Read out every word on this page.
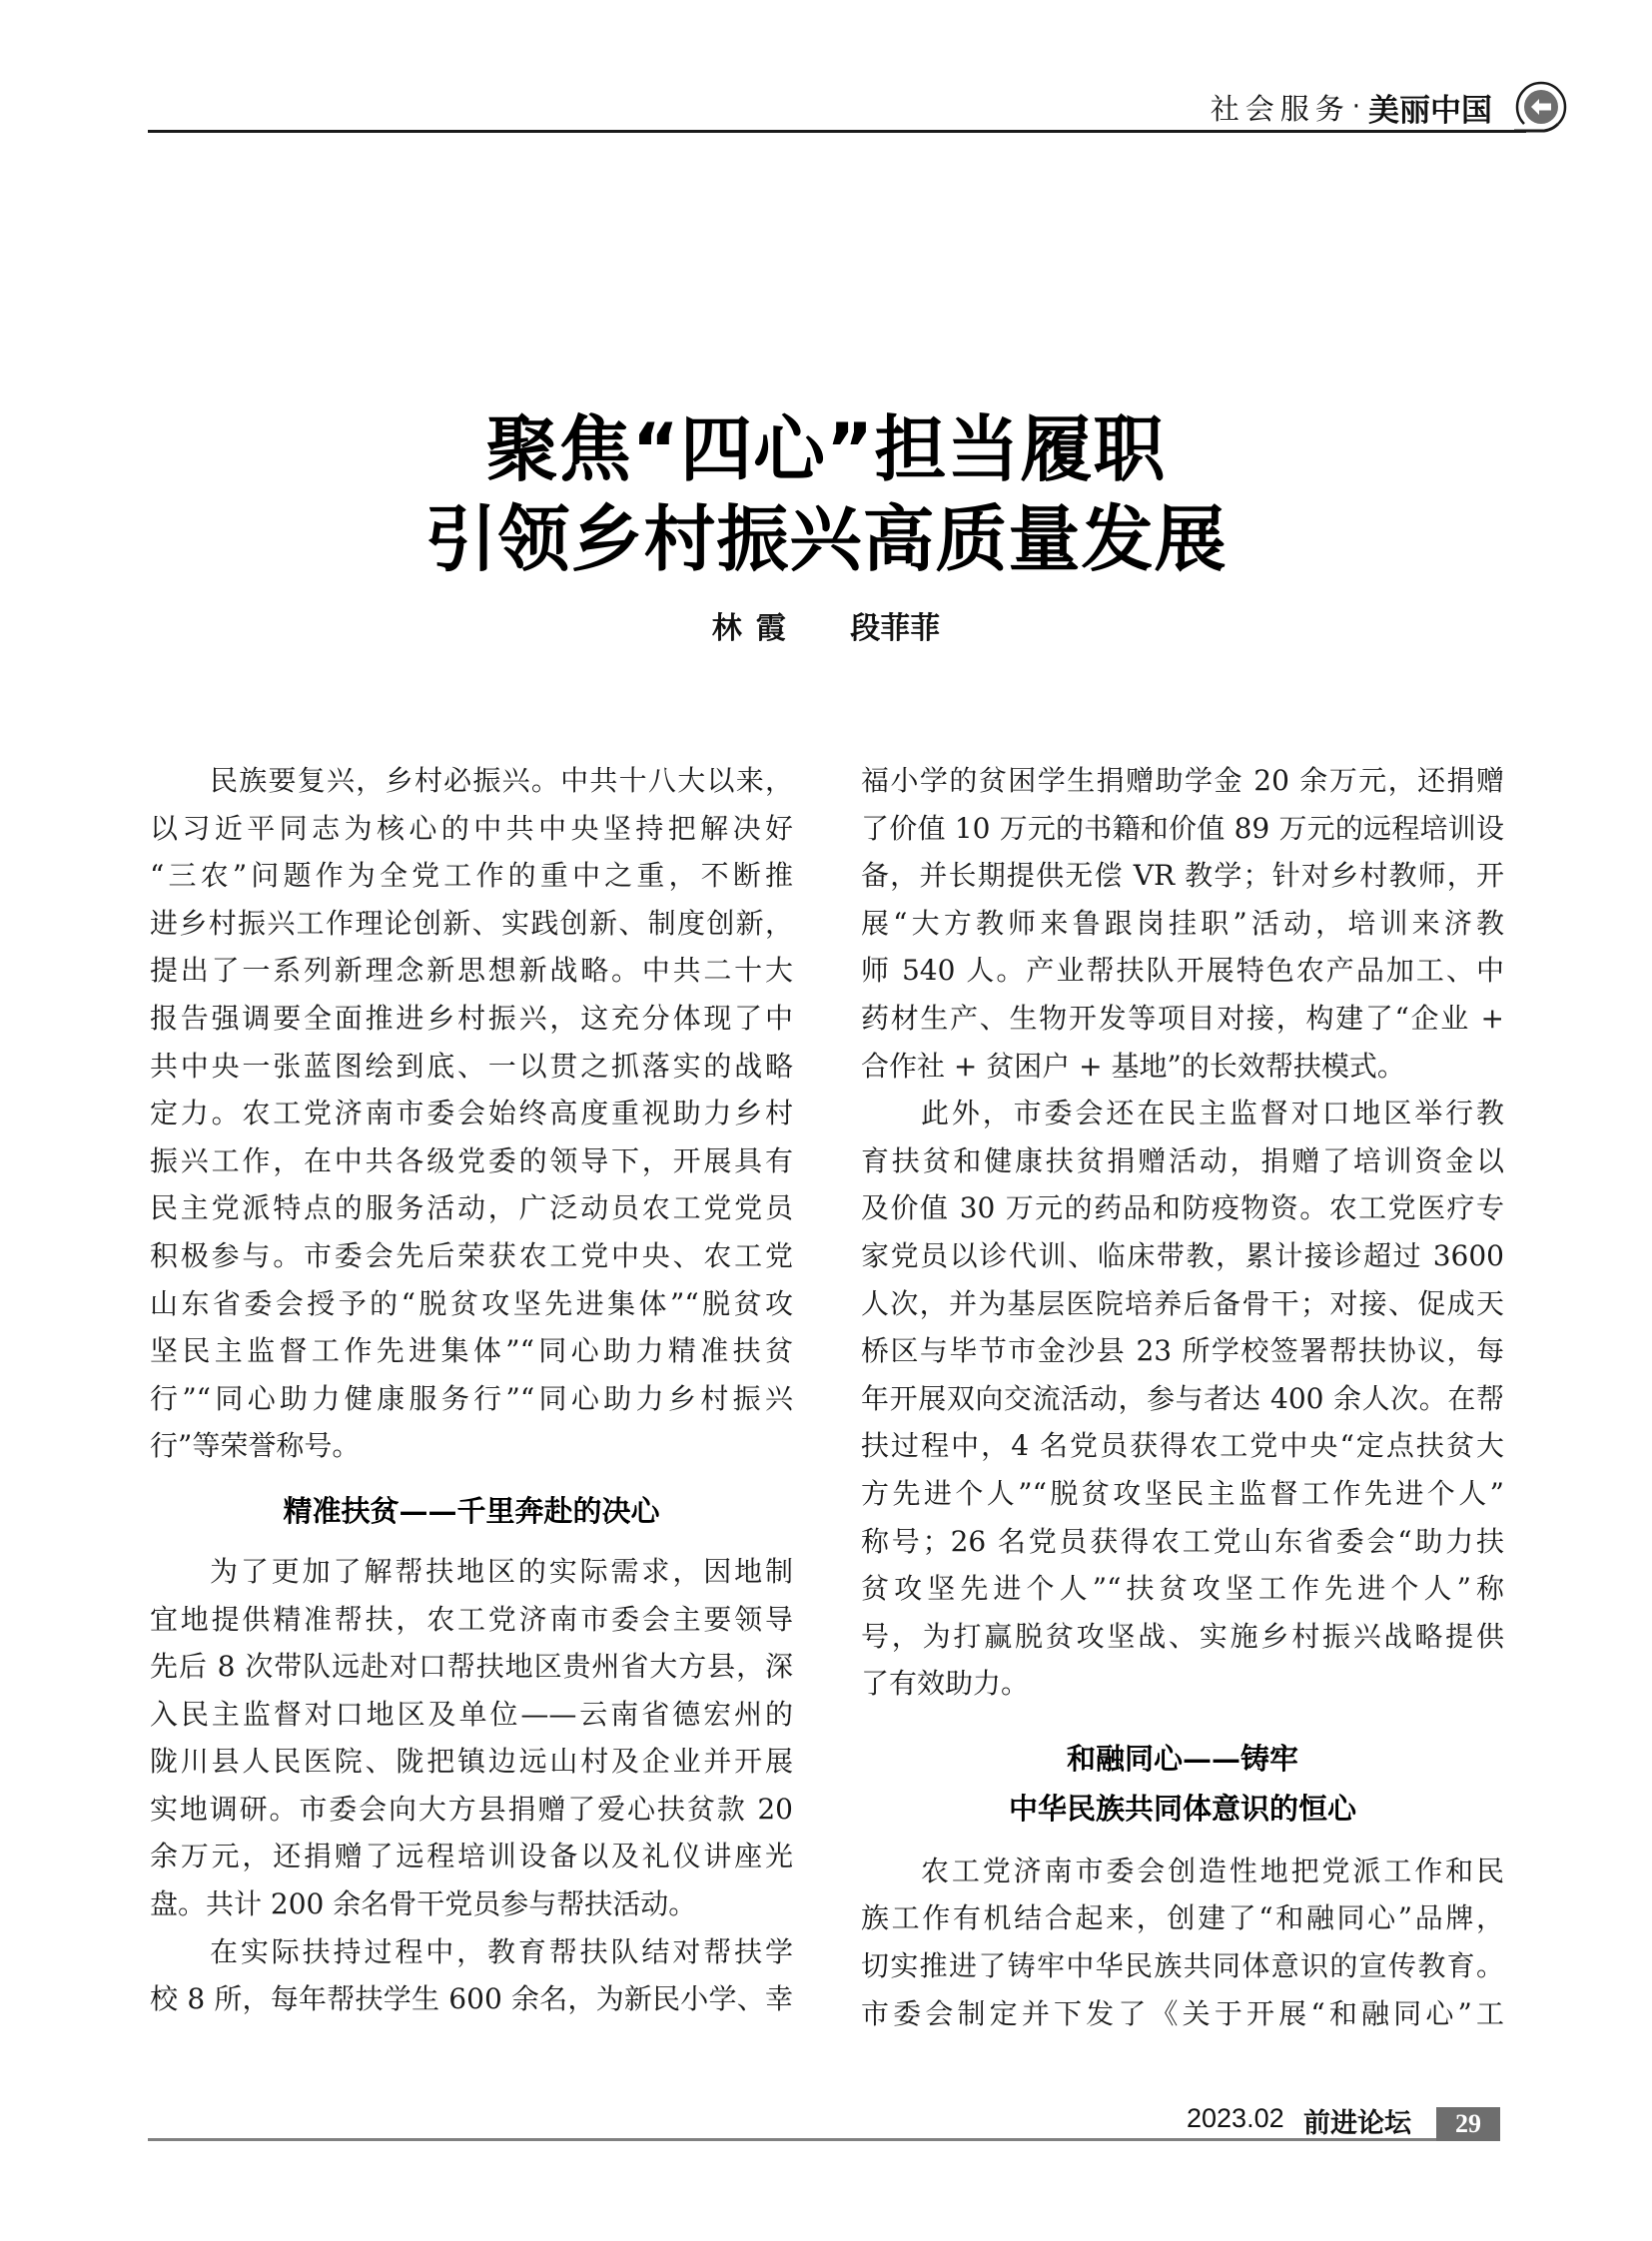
社会服务 · 美丽中国
聚焦“四心”担当履职
引领乡村振兴高质量发展
林霞 段菲菲
民族要复兴，乡村必振兴。中共十八大以来，
以习近平同志为核心的中共中央坚持把解决好
“三农”问题作为全党工作的重中之重，不断推
进乡村振兴工作理论创新、实践创新、制度创新，
提出了一系列新理念新思想新战略。中共二十大
报告强调要全面推进乡村振兴，这充分体现了中
共中央一张蓝图绘到底、一以贯之抓落实的战略
定力。农工党济南市委会始终高度重视助力乡村
振兴工作，在中共各级党委的领导下，开展具有
民主党派特点的服务活动，广泛动员农工党党员
积极参与。市委会先后荣获农工党中央、农工党
山东省委会授予的“脱贫攻坚先进集体”“脱贫攻
坚民主监督工作先进集体”“同心助力精准扶贫
行”“同心助力健康服务行”“同心助力乡村振兴
行”等荣誉称号。
精准扶贫——千里奔赴的决心
为了更加了解帮扶地区的实际需求，因地制
宜地提供精准帮扶，农工党济南市委会主要领导
先后 8 次带队远赴对口帮扶地区贵州省大方县，深
入民主监督对口地区及单位——云南省德宏州的
陇川县人民医院、陇把镇边远山村及企业并开展
实地调研。市委会向大方县捐赠了爱心扶贫款 20
余万元，还捐赠了远程培训设备以及礼仪讲座光
盘。共计 200 余名骨干党员参与帮扶活动。
在实际扶持过程中，教育帮扶队结对帮扶学
校 8 所，每年帮扶学生 600 余名，为新民小学、幸
福小学的贫困学生捐赠助学金 20 余万元，还捐赠
了价值 10 万元的书籍和价值 89 万元的远程培训设
备，并长期提供无偿 VR 教学；针对乡村教师，开
展“大方教师来鲁跟岗挂职”活动，培训来济教
师 540 人。产业帮扶队开展特色农产品加工、中
药材生产、生物开发等项目对接，构建了“企业 +
合作社 + 贫困户 + 基地”的长效帮扶模式。
此外，市委会还在民主监督对口地区举行教
育扶贫和健康扶贫捐赠活动，捐赠了培训资金以
及价值 30 万元的药品和防疫物资。农工党医疗专
家党员以诊代训、临床带教，累计接诊超过 3600
人次，并为基层医院培养后备骨干；对接、促成天
桥区与毕节市金沙县 23 所学校签署帮扶协议，每
年开展双向交流活动，参与者达 400 余人次。在帮
扶过程中，4 名党员获得农工党中央“定点扶贫大
方先进个人”“脱贫攻坚民主监督工作先进个人”
称号；26 名党员获得农工党山东省委会“助力扶
贫攻坚先进个人”“扶贫攻坚工作先进个人”称
号，为打赢脱贫攻坚战、实施乡村振兴战略提供
了有效助力。
和融同心——铸牢
中华民族共同体意识的恒心
农工党济南市委会创造性地把党派工作和民
族工作有机结合起来，创建了“和融同心”品牌，
切实推进了铸牢中华民族共同体意识的宣传教育。
市委会制定并下发了《关于开展“和融同心”工
2023.02 前进论坛	29
